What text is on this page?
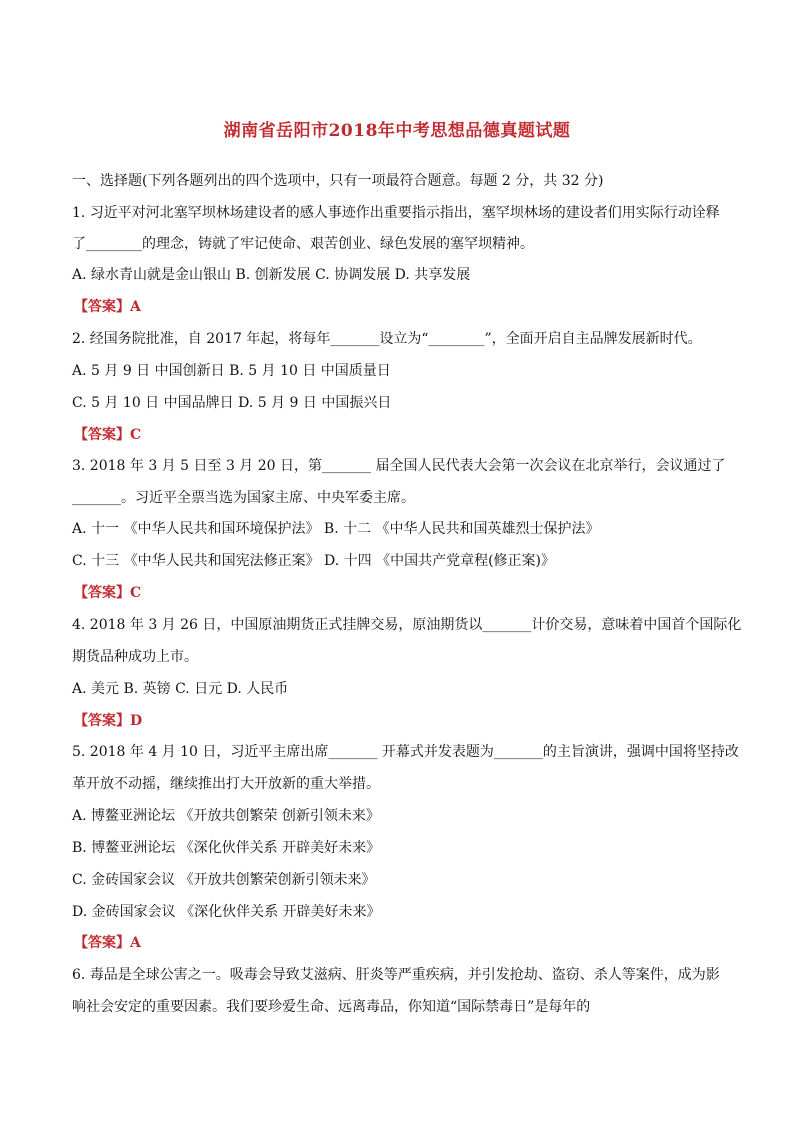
湖南省岳阳市2018年中考思想品德真题试题
一、选择题(下列各题列出的四个选项中，只有一项最符合题意。每题 2 分，共 32 分)
1. 习近平对河北塞罕坝林场建设者的感人事迹作出重要指示指出，塞罕坝林场的建设者们用实际行动诠释
了________的理念，铸就了牢记使命、艰苦创业、绿色发展的塞罕坝精神。
A. 绿水青山就是金山银山 B. 创新发展 C. 协调发展 D. 共享发展
【答案】A
2. 经国务院批准，自 2017 年起，将每年_______设立为“________”，全面开启自主品牌发展新时代。
A. 5 月 9 日 中国创新日 B. 5 月 10 日 中国质量日
C. 5 月 10 日 中国品牌日 D. 5 月 9 日 中国振兴日
【答案】C
3. 2018 年 3 月 5 日至 3 月 20 日，第_______ 届全国人民代表大会第一次会议在北京举行，会议通过了
_______。习近平全票当选为国家主席、中央军委主席。
A. 十一 《中华人民共和国环境保护法》 B. 十二 《中华人民共和国英雄烈士保护法》
C. 十三 《中华人民共和国宪法修正案》 D. 十四 《中国共产党章程(修正案)》
【答案】C
4. 2018 年 3 月 26 日，中国原油期货正式挂牌交易，原油期货以_______计价交易，意味着中国首个国际化
期货品种成功上市。
A. 美元 B. 英镑 C. 日元 D. 人民币
【答案】D
5. 2018 年 4 月 10 日，习近平主席出席_______ 开幕式并发表题为_______的主旨演讲，强调中国将坚持改
革开放不动摇，继续推出打大开放新的重大举措。
A. 博鳌亚洲论坛 《开放共创繁荣 创新引领未来》
B. 博鳌亚洲论坛 《深化伙伴关系 开辟美好未来》
C. 金砖国家会议 《开放共创繁荣创新引领未来》
D. 金砖国家会议 《深化伙伴关系 开辟美好未来》
【答案】A
6. 毒品是全球公害之一。吸毒会导致艾滋病、肝炎等严重疾病，并引发抢劫、盗窃、杀人等案件，成为影
响社会安定的重要因素。我们要珍爱生命、远离毒品，你知道“国际禁毒日”是每年的
